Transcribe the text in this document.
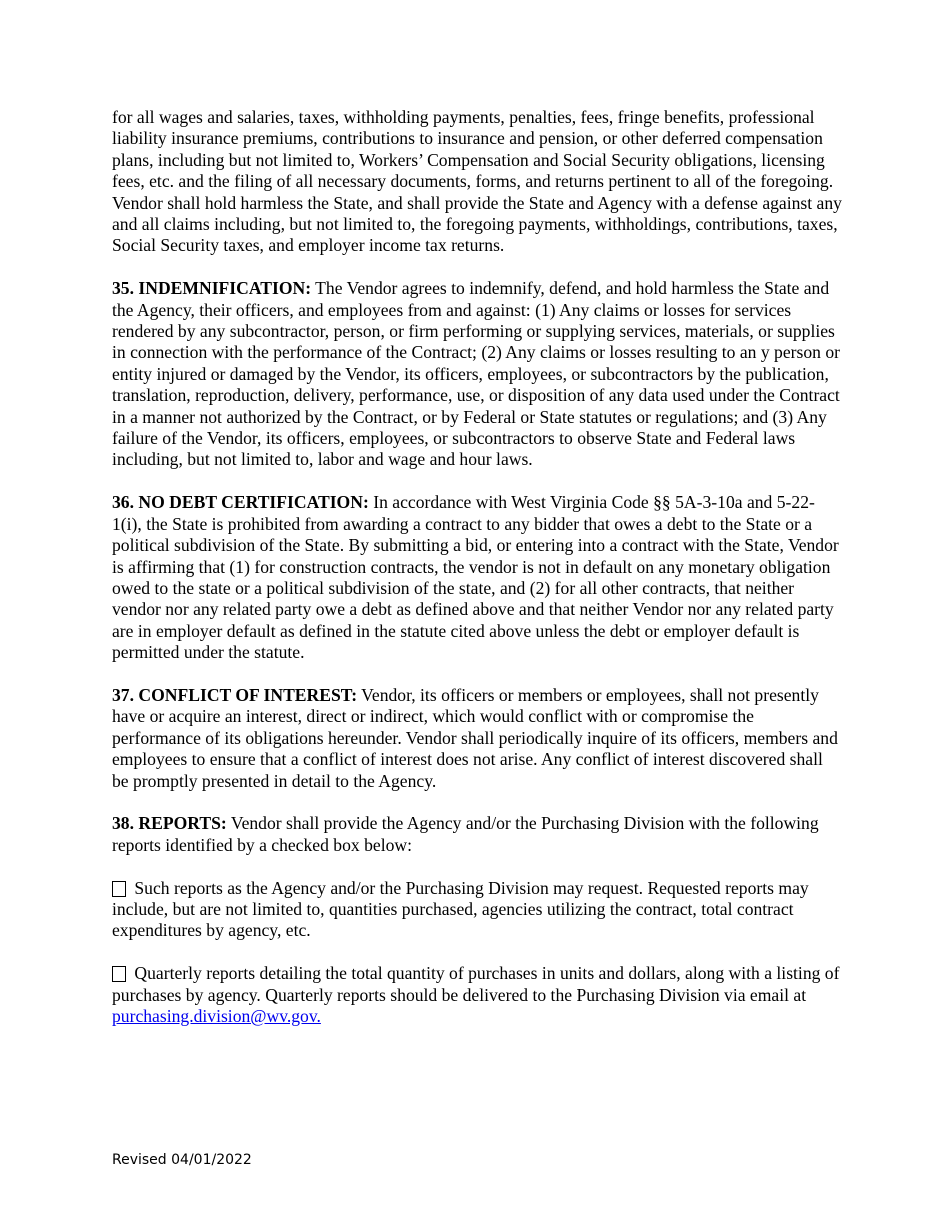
for all wages and salaries, taxes, withholding payments, penalties, fees, fringe benefits, professional liability insurance premiums, contributions to insurance and pension, or other deferred compensation plans, including but not limited to, Workers’ Compensation and Social Security obligations, licensing fees, etc. and the filing of all necessary documents, forms, and returns pertinent to all of the foregoing. Vendor shall hold harmless the State, and shall provide the State and Agency with a defense against any and all claims including, but not limited to, the foregoing payments, withholdings, contributions, taxes, Social Security taxes, and employer income tax returns.

35. INDEMNIFICATION: The Vendor agrees to indemnify, defend, and hold harmless the State and the Agency, their officers, and employees from and against: (1) Any claims or losses for services rendered by any subcontractor, person, or firm performing or supplying services, materials, or supplies in connection with the performance of the Contract; (2) Any claims or losses resulting to an y person or entity injured or damaged by the Vendor, its officers, employees, or subcontractors by the publication, translation, reproduction, delivery, performance, use, or disposition of any data used under the Contract in a manner not authorized by the Contract, or by Federal or State statutes or regulations; and (3) Any failure of the Vendor, its officers, employees, or subcontractors to observe State and Federal laws including, but not limited to, labor and wage and hour laws.

36. NO DEBT CERTIFICATION: In accordance with West Virginia Code §§ 5A-3-10a and 5-22-1(i), the State is prohibited from awarding a contract to any bidder that owes a debt to the State or a political subdivision of the State. By submitting a bid, or entering into a contract with the State, Vendor is affirming that (1) for construction contracts, the vendor is not in default on any monetary obligation owed to the state or a political subdivision of the state, and (2) for all other contracts, that neither vendor nor any related party owe a debt as defined above and that neither Vendor nor any related party are in employer default as defined in the statute cited above unless the debt or employer default is permitted under the statute.

37. CONFLICT OF INTEREST: Vendor, its officers or members or employees, shall not presently have or acquire an interest, direct or indirect, which would conflict with or compromise the performance of its obligations hereunder. Vendor shall periodically inquire of its officers, members and employees to ensure that a conflict of interest does not arise. Any conflict of interest discovered shall be promptly presented in detail to the Agency.

38. REPORTS: Vendor shall provide the Agency and/or the Purchasing Division with the following reports identified by a checked box below:

Such reports as the Agency and/or the Purchasing Division may request. Requested reports may include, but are not limited to, quantities purchased, agencies utilizing the contract, total contract expenditures by agency, etc.

Quarterly reports detailing the total quantity of purchases in units and dollars, along with a listing of purchases by agency. Quarterly reports should be delivered to the Purchasing Division via email at purchasing.division@wv.gov.

Revised 04/01/2022
